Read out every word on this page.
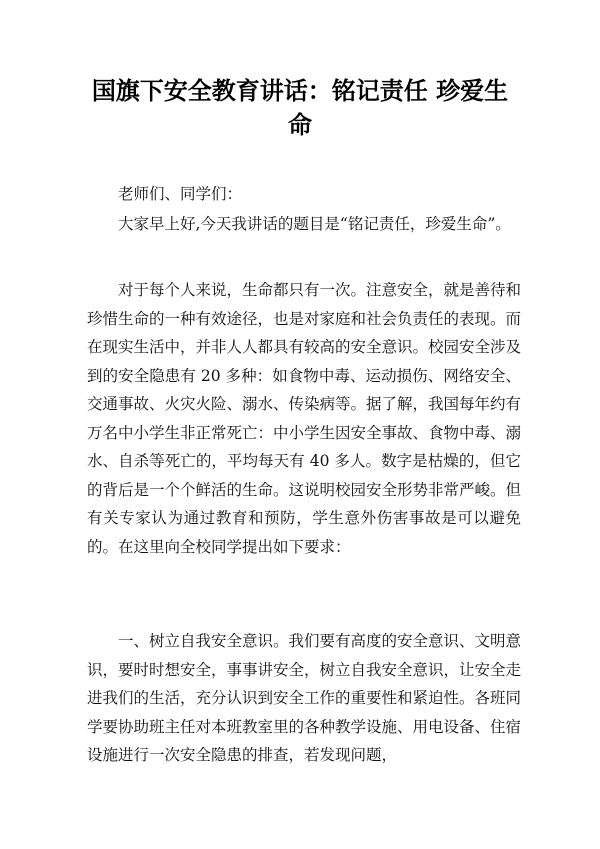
国旗下安全教育讲话：铭记责任 珍爱生命

老师们、同学们：

大家早上好,今天我讲话的题目是“铭记责任，珍爱生命”。

对于每个人来说，生命都只有一次。注意安全，就是善待和珍惜生命的一种有效途径，也是对家庭和社会负责任的表现。而在现实生活中，并非人人都具有较高的安全意识。校园安全涉及到的安全隐患有 20 多种：如食物中毒、运动损伤、网络安全、交通事故、火灾火险、溺水、传染病等。据了解，我国每年约有万名中小学生非正常死亡：中小学生因安全事故、食物中毒、溺水、自杀等死亡的，平均每天有 40 多人。数字是枯燥的，但它的背后是一个个鲜活的生命。这说明校园安全形势非常严峻。但有关专家认为通过教育和预防，学生意外伤害事故是可以避免的。在这里向全校同学提出如下要求：

一、树立自我安全意识。我们要有高度的安全意识、文明意识，要时时想安全，事事讲安全，树立自我安全意识，让安全走进我们的生活，充分认识到安全工作的重要性和紧迫性。各班同学要协助班主任对本班教室里的各种教学设施、用电设备、住宿设施进行一次安全隐患的排查，若发现问题，
